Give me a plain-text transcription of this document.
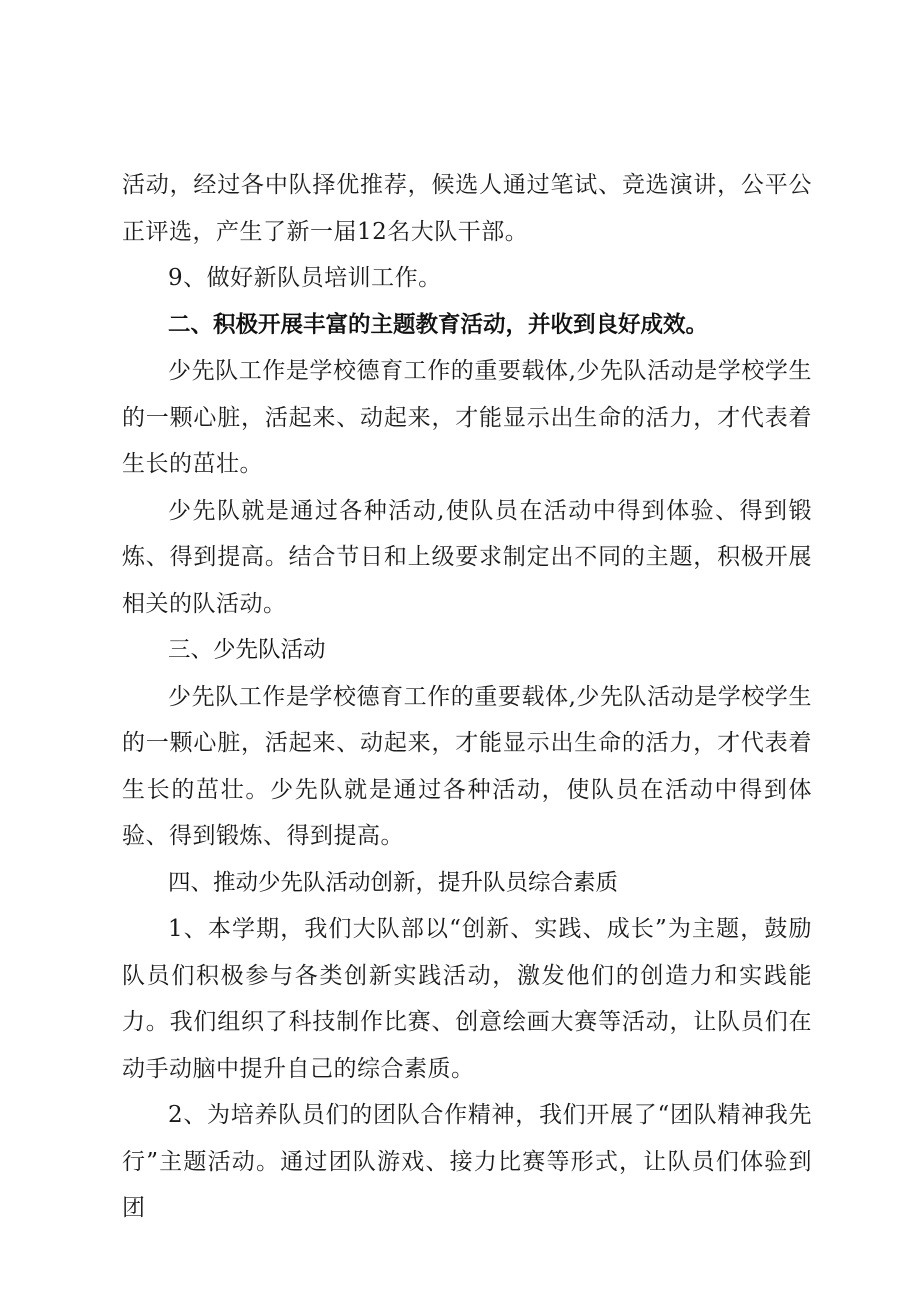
活动，经过各中队择优推荐，候选人通过笔试、竞选演讲，公平公正评选，产生了新一届12名大队干部。

9、做好新队员培训工作。

二、积极开展丰富的主题教育活动，并收到良好成效。

少先队工作是学校德育工作的重要载体,少先队活动是学校学生的一颗心脏，活起来、动起来，才能显示出生命的活力，才代表着生长的茁壮。

少先队就是通过各种活动,使队员在活动中得到体验、得到锻炼、得到提高。结合节日和上级要求制定出不同的主题，积极开展相关的队活动。

三、少先队活动

少先队工作是学校德育工作的重要载体,少先队活动是学校学生的一颗心脏，活起来、动起来，才能显示出生命的活力，才代表着生长的茁壮。少先队就是通过各种活动，使队员在活动中得到体验、得到锻炼、得到提高。

四、推动少先队活动创新，提升队员综合素质

1、本学期，我们大队部以“创新、实践、成长”为主题，鼓励队员们积极参与各类创新实践活动，激发他们的创造力和实践能力。我们组织了科技制作比赛、创意绘画大赛等活动，让队员们在动手动脑中提升自己的综合素质。

2、为培养队员们的团队合作精神，我们开展了“团队精神我先行”主题活动。通过团队游戏、接力比赛等形式，让队员们体验到团
